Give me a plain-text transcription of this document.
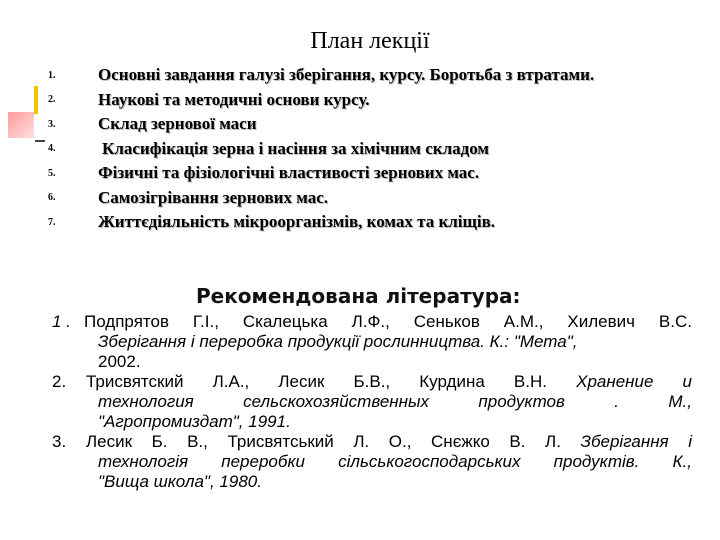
План лекції
1.	Основні завдання галузі зберігання, курсу. Боротьба з втратами.
2.	Наукові та методичні основи курсу.
3.	Склад зернової маси
4.	Класифікація зерна і насіння за хімічним складом
5.	Фізичні та фізіологічні властивості зернових мас.
6.	Самозігрівання зернових мас.
7.	Життєдіяльність мікроорганізмів, комах та кліщів.
Рекомендована література:
1 . Подпрятов Г.І., Скалецька Л.Ф., Сеньков А.М., Хилевич В.С.
Зберігання і переробка продукції рослинництва. К.: "Мета",
2002.
2.	Трисвятский Л.А., Лесик Б.В., Курдина В.Н. Хранение и
технология сельскохозяйственных продуктов . М.,
"Агропромиздат", 1991.
3.	Лесик Б. В., Трисвятський Л. О., Снєжко В. Л. Зберігання і
технологія переробки сільськогосподарських продуктів. К.,
"Вища школа", 1980.
